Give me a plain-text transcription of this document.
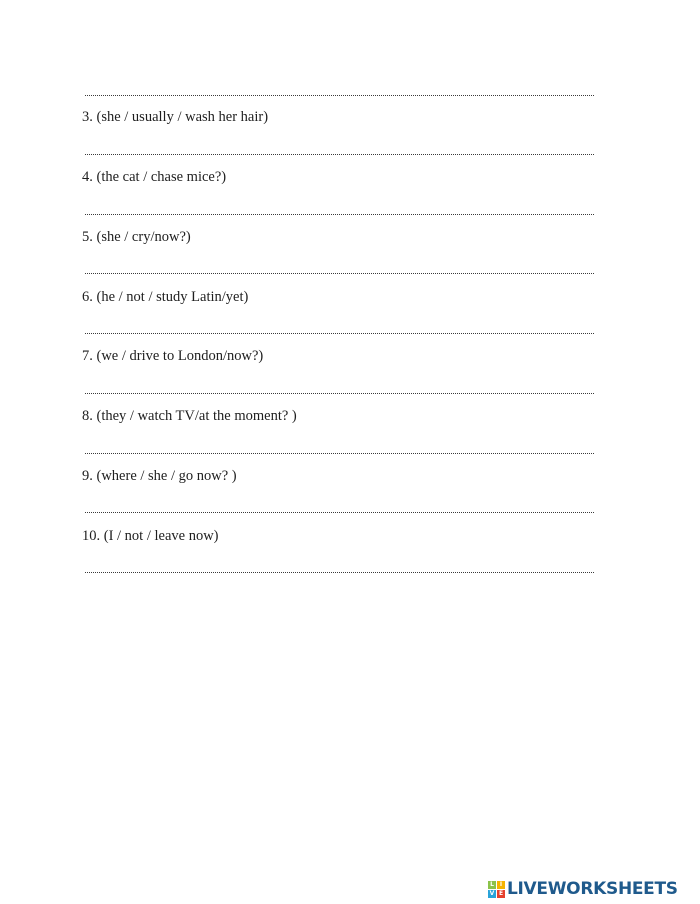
3. (she / usually / wash her hair)
4. (the cat / chase mice?)
5. (she / cry/now?)
6. (he / not / study Latin/yet)
7. (we / drive to London/now?)
8. (they / watch TV/at the moment? )
9. (where / she / go now? )
10. (I / not / leave now)
L I
V E LIVEWORKSHEETS
